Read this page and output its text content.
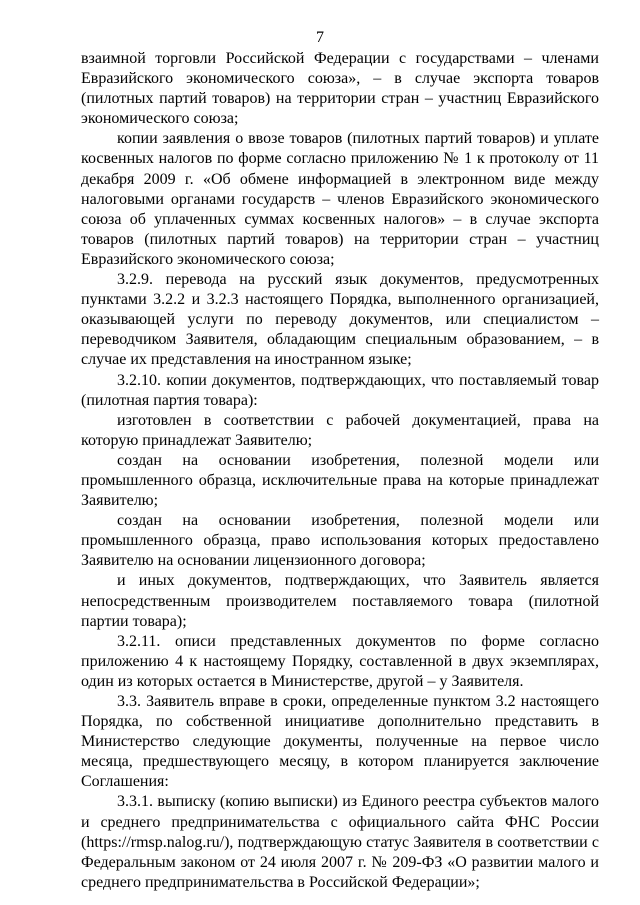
7

взаимной торговли Российской Федерации с государствами – членами Евразийского экономического союза», – в случае экспорта товаров (пилотных партий товаров) на территории стран – участниц Евразийского экономического союза;

копии заявления о ввозе товаров (пилотных партий товаров) и уплате косвенных налогов по форме согласно приложению № 1 к протоколу от 11 декабря 2009 г. «Об обмене информацией в электронном виде между налоговыми органами государств – членов Евразийского экономического союза об уплаченных суммах косвенных налогов» – в случае экспорта товаров (пилотных партий товаров) на территории стран – участниц Евразийского экономического союза;

3.2.9. перевода на русский язык документов, предусмотренных пунктами 3.2.2 и 3.2.3 настоящего Порядка, выполненного организацией, оказывающей услуги по переводу документов, или специалистом – переводчиком Заявителя, обладающим специальным образованием, – в случае их представления на иностранном языке;

3.2.10. копии документов, подтверждающих, что поставляемый товар (пилотная партия товара):

изготовлен в соответствии с рабочей документацией, права на которую принадлежат Заявителю;

создан на основании изобретения, полезной модели или промышленного образца, исключительные права на которые принадлежат Заявителю;

создан на основании изобретения, полезной модели или промышленного образца, право использования которых предоставлено Заявителю на основании лицензионного договора;

и иных документов, подтверждающих, что Заявитель является непосредственным производителем поставляемого товара (пилотной партии товара);

3.2.11. описи представленных документов по форме согласно приложению 4 к настоящему Порядку, составленной в двух экземплярах, один из которых остается в Министерстве, другой – у Заявителя.

3.3. Заявитель вправе в сроки, определенные пунктом 3.2 настоящего Порядка, по собственной инициативе дополнительно представить в Министерство следующие документы, полученные на первое число месяца, предшествующего месяцу, в котором планируется заключение Соглашения:

3.3.1. выписку (копию выписки) из Единого реестра субъектов малого и среднего предпринимательства с официального сайта ФНС России (https://rmsp.nalog.ru/), подтверждающую статус Заявителя в соответствии с Федеральным законом от 24 июля 2007 г. № 209-ФЗ «О развитии малого и среднего предпринимательства в Российской Федерации»;
